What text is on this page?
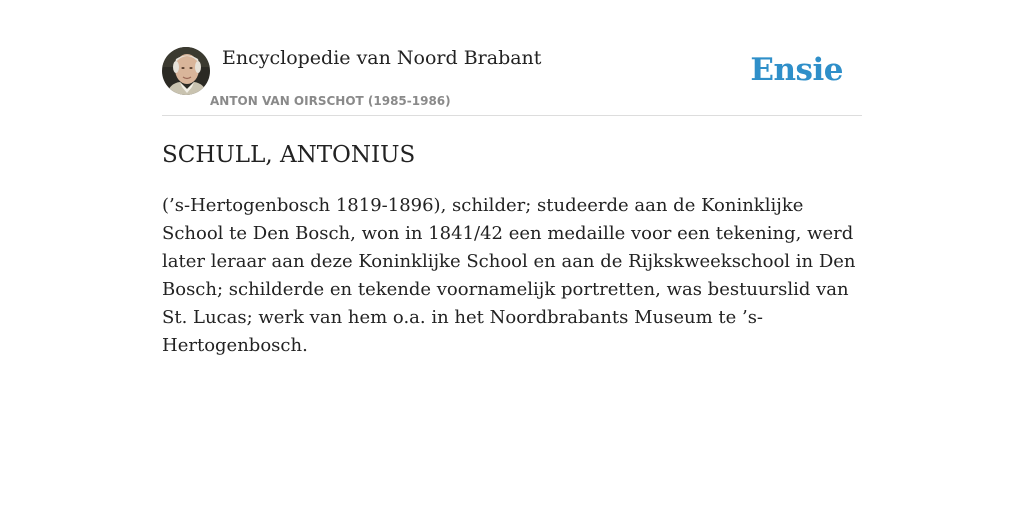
Encyclopedie van Noord Brabant
ANTON VAN OIRSCHOT (1985-1986)
Ensie
SCHULL, ANTONIUS

(’s-Hertogenbosch 1819-1896), schilder; studeerde aan de Koninklijke School te Den Bosch, won in 1841/42 een medaille voor een tekening, werd later leraar aan deze Koninklijke School en aan de Rijkskweekschool in Den Bosch; schilderde en tekende voornamelijk portretten, was bestuurslid van St. Lucas; werk van hem o.a. in het Noordbrabants Museum te ’s-Hertogenbosch.
